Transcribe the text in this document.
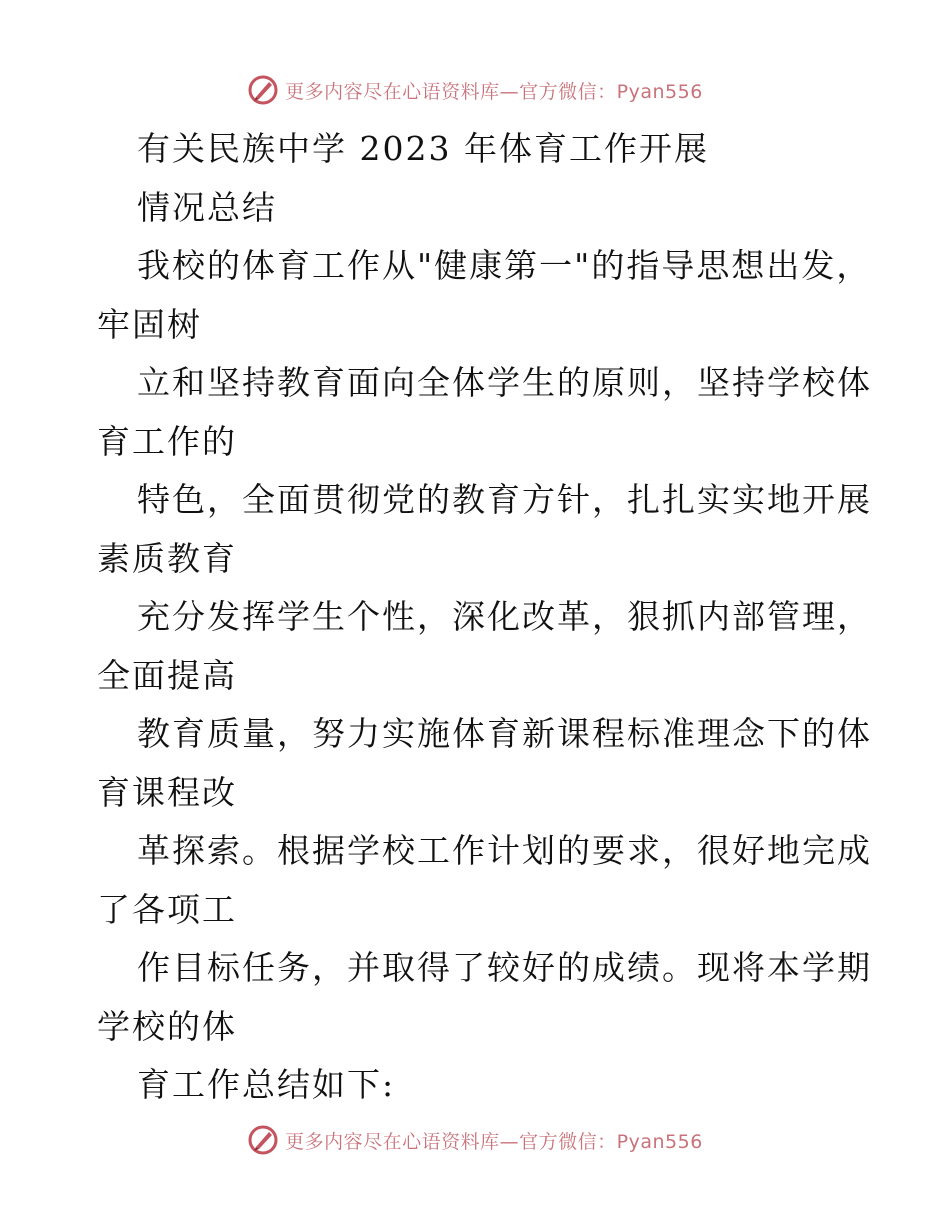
更多内容尽在心语资料库—官方微信：Pyan556
有关民族中学 2023 年体育工作开展
情况总结
我校的体育工作从"健康第一"的指导思想出发，
牢固树
立和坚持教育面向全体学生的原则，坚持学校体
育工作的
特色，全面贯彻党的教育方针，扎扎实实地开展
素质教育
充分发挥学生个性，深化改革，狠抓内部管理，
全面提高
教育质量，努力实施体育新课程标准理念下的体
育课程改
革探索。根据学校工作计划的要求，很好地完成
了各项工
作目标任务，并取得了较好的成绩。现将本学期
学校的体
育工作总结如下:
更多内容尽在心语资料库—官方微信：Pyan556
